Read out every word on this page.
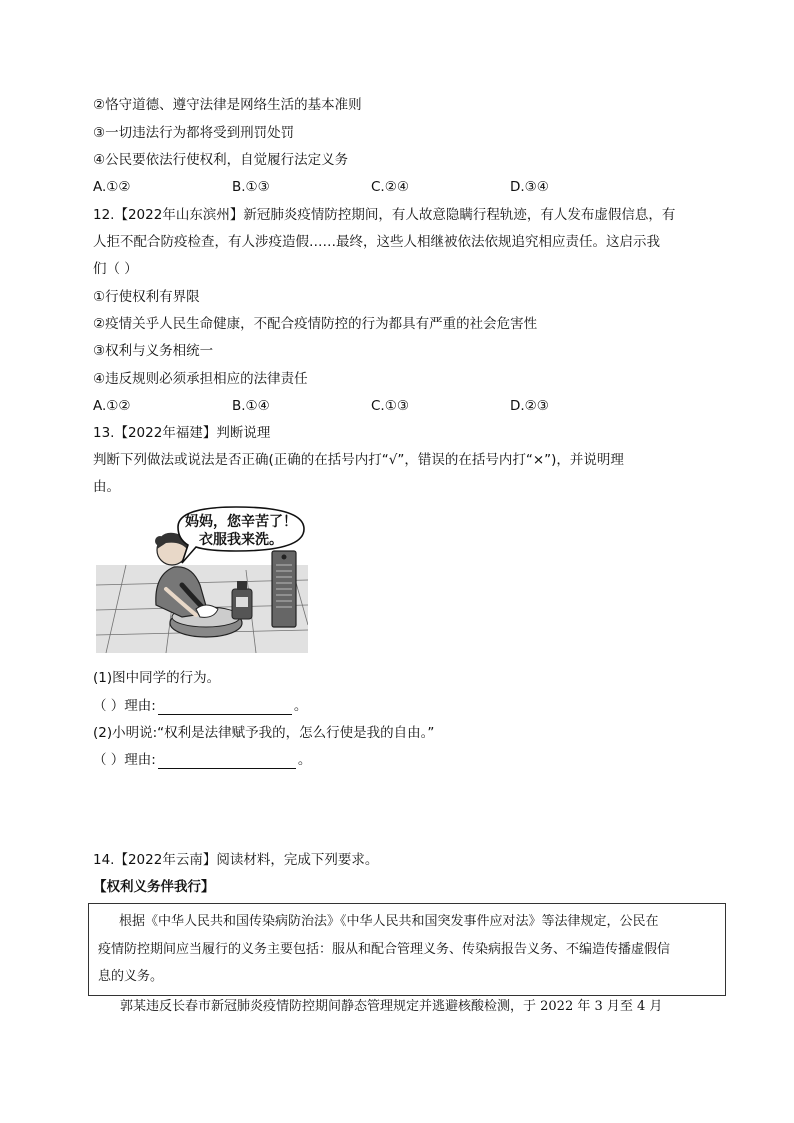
②恪守道德、遵守法律是网络生活的基本准则
③一切违法行为都将受到刑罚处罚
④公民要依法行使权利，自觉履行法定义务
A.①②	B.①③	C.②④	D.③④
12.【2022年山东滨州】新冠肺炎疫情防控期间，有人故意隐瞒行程轨迹，有人发布虚假信息，有
人拒不配合防疫检查，有人涉疫造假……最终，这些人相继被依法依规追究相应责任。这启示我
们（ ）
①行使权利有界限
②疫情关乎人民生命健康，不配合疫情防控的行为都具有严重的社会危害性
③权利与义务相统一
④违反规则必须承担相应的法律责任
A.①②	B.①④	C.①③	D.②③
13.【2022年福建】判断说理
判断下列做法或说法是否正确(正确的在括号内打“√”，错误的在括号内打“×”)，并说明理
由。
妈妈，您辛苦了！
衣服我来洗。
(1)图中同学的行为。
（ ）理由:	。
(2)小明说:“权利是法律赋予我的，怎么行使是我的自由。”
（ ）理由:	。
14.【2022年云南】阅读材料，完成下列要求。
【权利义务伴我行】
根据《中华人民共和国传染病防治法》《中华人民共和国突发事件应对法》等法律规定，公民在
疫情防控期间应当履行的义务主要包括：服从和配合管理义务、传染病报告义务、不编造传播虚假信
息的义务。
郭某违反长春市新冠肺炎疫情防控期间静态管理规定并逃避核酸检测，于 2022 年 3 月至 4 月
